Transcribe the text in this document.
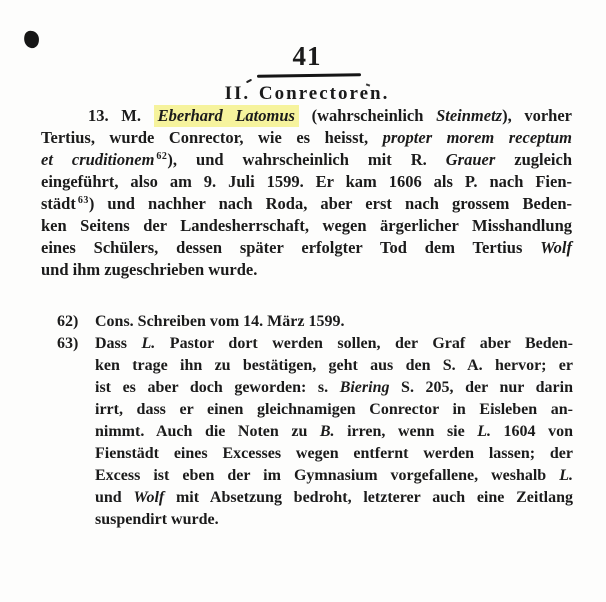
41
II. Conrectoren.
13. M. Eberhard Latomus (wahrscheinlich Steinmetz), vorher
Tertius, wurde Conrector, wie es heisst, propter morem receptum
et cruditionem $^{62}$), und wahrscheinlich mit R. Grauer zugleich
eingeführt, also am 9. Juli 1599. Er kam 1606 als P. nach Fien-
städt $^{63}$) und nachher nach Roda, aber erst nach grossem Beden-
ken Seitens der Landesherrschaft, wegen ärgerlicher Misshandlung
eines Schülers, dessen später erfolgter Tod dem Tertius Wolf
und ihm zugeschrieben wurde.
62) Cons. Schreiben vom 14. März 1599.
63) Dass L. Pastor dort werden sollen, der Graf aber Beden-
ken trage ihn zu bestätigen, geht aus den S. A. hervor; er
ist es aber doch geworden: s. Biering S. 205, der nur darin
irrt, dass er einen gleichnamigen Conrector in Eisleben an-
nimmt. Auch die Noten zu B. irren, wenn sie L. 1604 von
Fienstädt eines Excesses wegen entfernt werden lassen; der
Excess ist eben der im Gymnasium vorgefallene, weshalb L.
und Wolf mit Absetzung bedroht, letzterer auch eine Zeitlang
suspendirt wurde.
